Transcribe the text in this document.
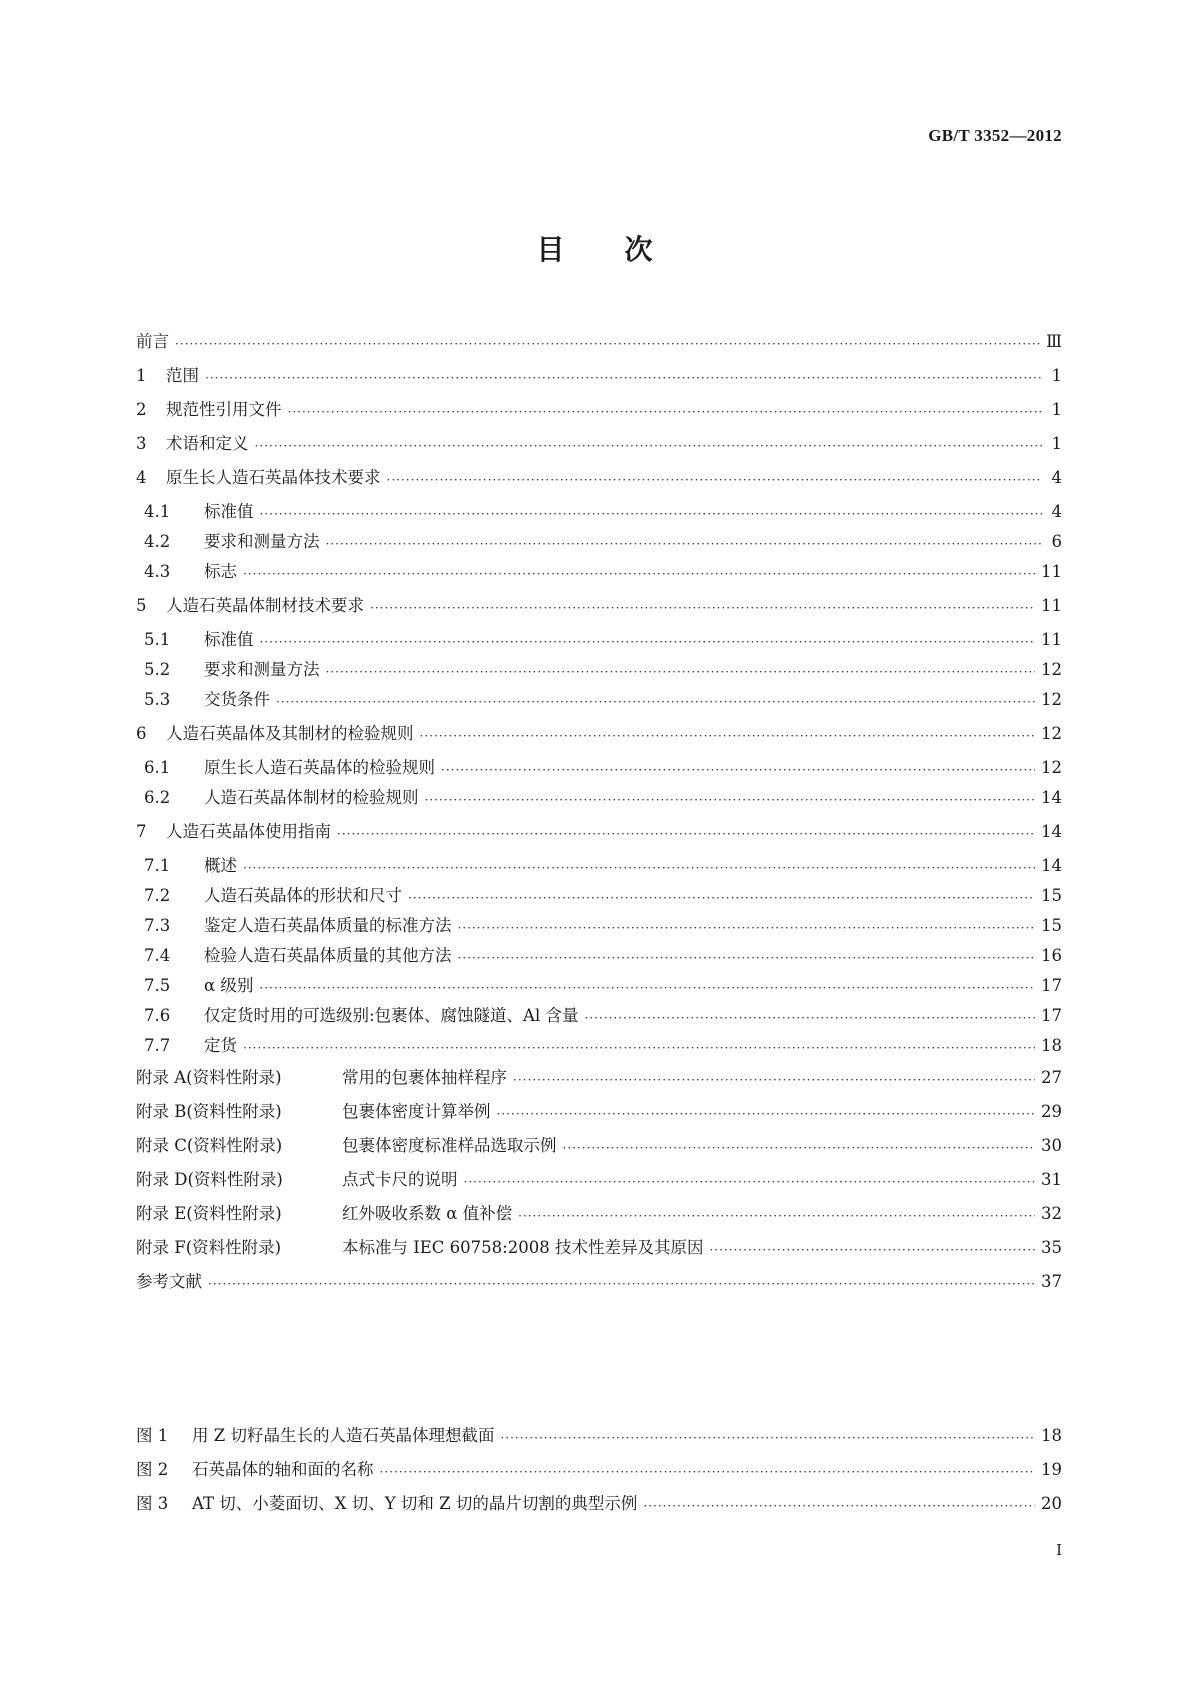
GB/T 3352—2012
目 次
前言 ·····	Ⅲ
1	范围 ·····	1
2	规范性引用文件 ·····	1
3	术语和定义 ·····	1
4	原生长人造石英晶体技术要求 ·····	4
4.1	标准值 ·····	4
4.2	要求和测量方法 ·····	6
4.3	标志 ·····	11
5	人造石英晶体制材技术要求 ·····	11
5.1	标准值 ·····	11
5.2	要求和测量方法 ·····	12
5.3	交货条件 ·····	12
6	人造石英晶体及其制材的检验规则 ·····	12
6.1	原生长人造石英晶体的检验规则 ·····	12
6.2	人造石英晶体制材的检验规则 ·····	14
7	人造石英晶体使用指南 ·····	14
7.1	概述 ·····	14
7.2	人造石英晶体的形状和尺寸 ·····	15
7.3	鉴定人造石英晶体质量的标准方法 ·····	15
7.4	检验人造石英晶体质量的其他方法 ·····	16
7.5	α 级别 ·····	17
7.6	仅定货时用的可选级别:包裹体、腐蚀隧道、Al 含量 ·····	17
7.7	定货 ·····	18
附录 A(资料性附录)	常用的包裹体抽样程序 ·····	27
附录 B(资料性附录)	包裹体密度计算举例 ·····	29
附录 C(资料性附录)	包裹体密度标准样品选取示例 ·····	30
附录 D(资料性附录)	点式卡尺的说明 ·····	31
附录 E(资料性附录)	红外吸收系数 α 值补偿 ·····	32
附录 F(资料性附录)	本标准与 IEC 60758:2008 技术性差异及其原因 ·····	35
参考文献 ·····	37
图 1	用 Z 切籽晶生长的人造石英晶体理想截面 ·····	18
图 2	石英晶体的轴和面的名称 ·····	19
图 3	AT 切、小菱面切、X 切、Y 切和 Z 切的晶片切割的典型示例 ·····	20
I
